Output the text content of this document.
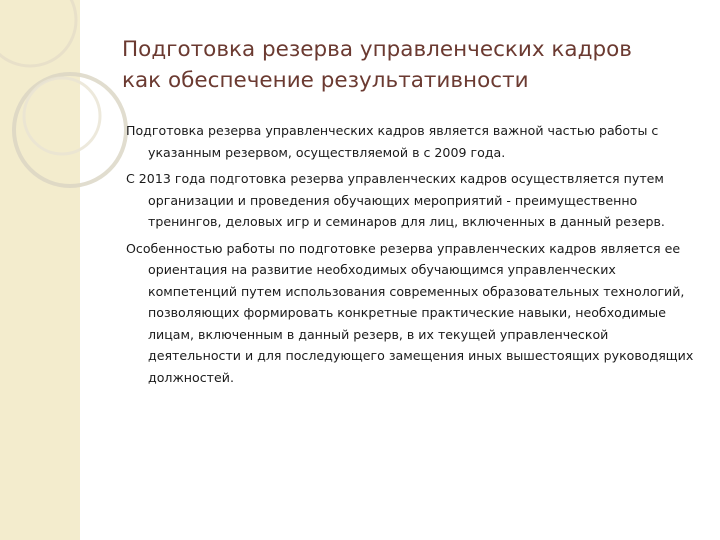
Подготовка резерва управленческих кадров
как обеспечение результативности

Подготовка резерва управленческих кадров является важной частью работы с указанным резервом, осуществляемой в с 2009 года.

С 2013 года подготовка резерва управленческих кадров осуществляется путем организации и проведения обучающих мероприятий - преимущественно тренингов, деловых игр и семинаров для лиц, включенных в данный резерв.

Особенностью работы по подготовке резерва управленческих кадров является ее ориентация на развитие необходимых обучающимся управленческих компетенций путем использования современных образовательных технологий, позволяющих формировать конкретные практические навыки, необходимые лицам, включенным в данный резерв, в их текущей управленческой деятельности и для последующего замещения иных вышестоящих руководящих должностей.
